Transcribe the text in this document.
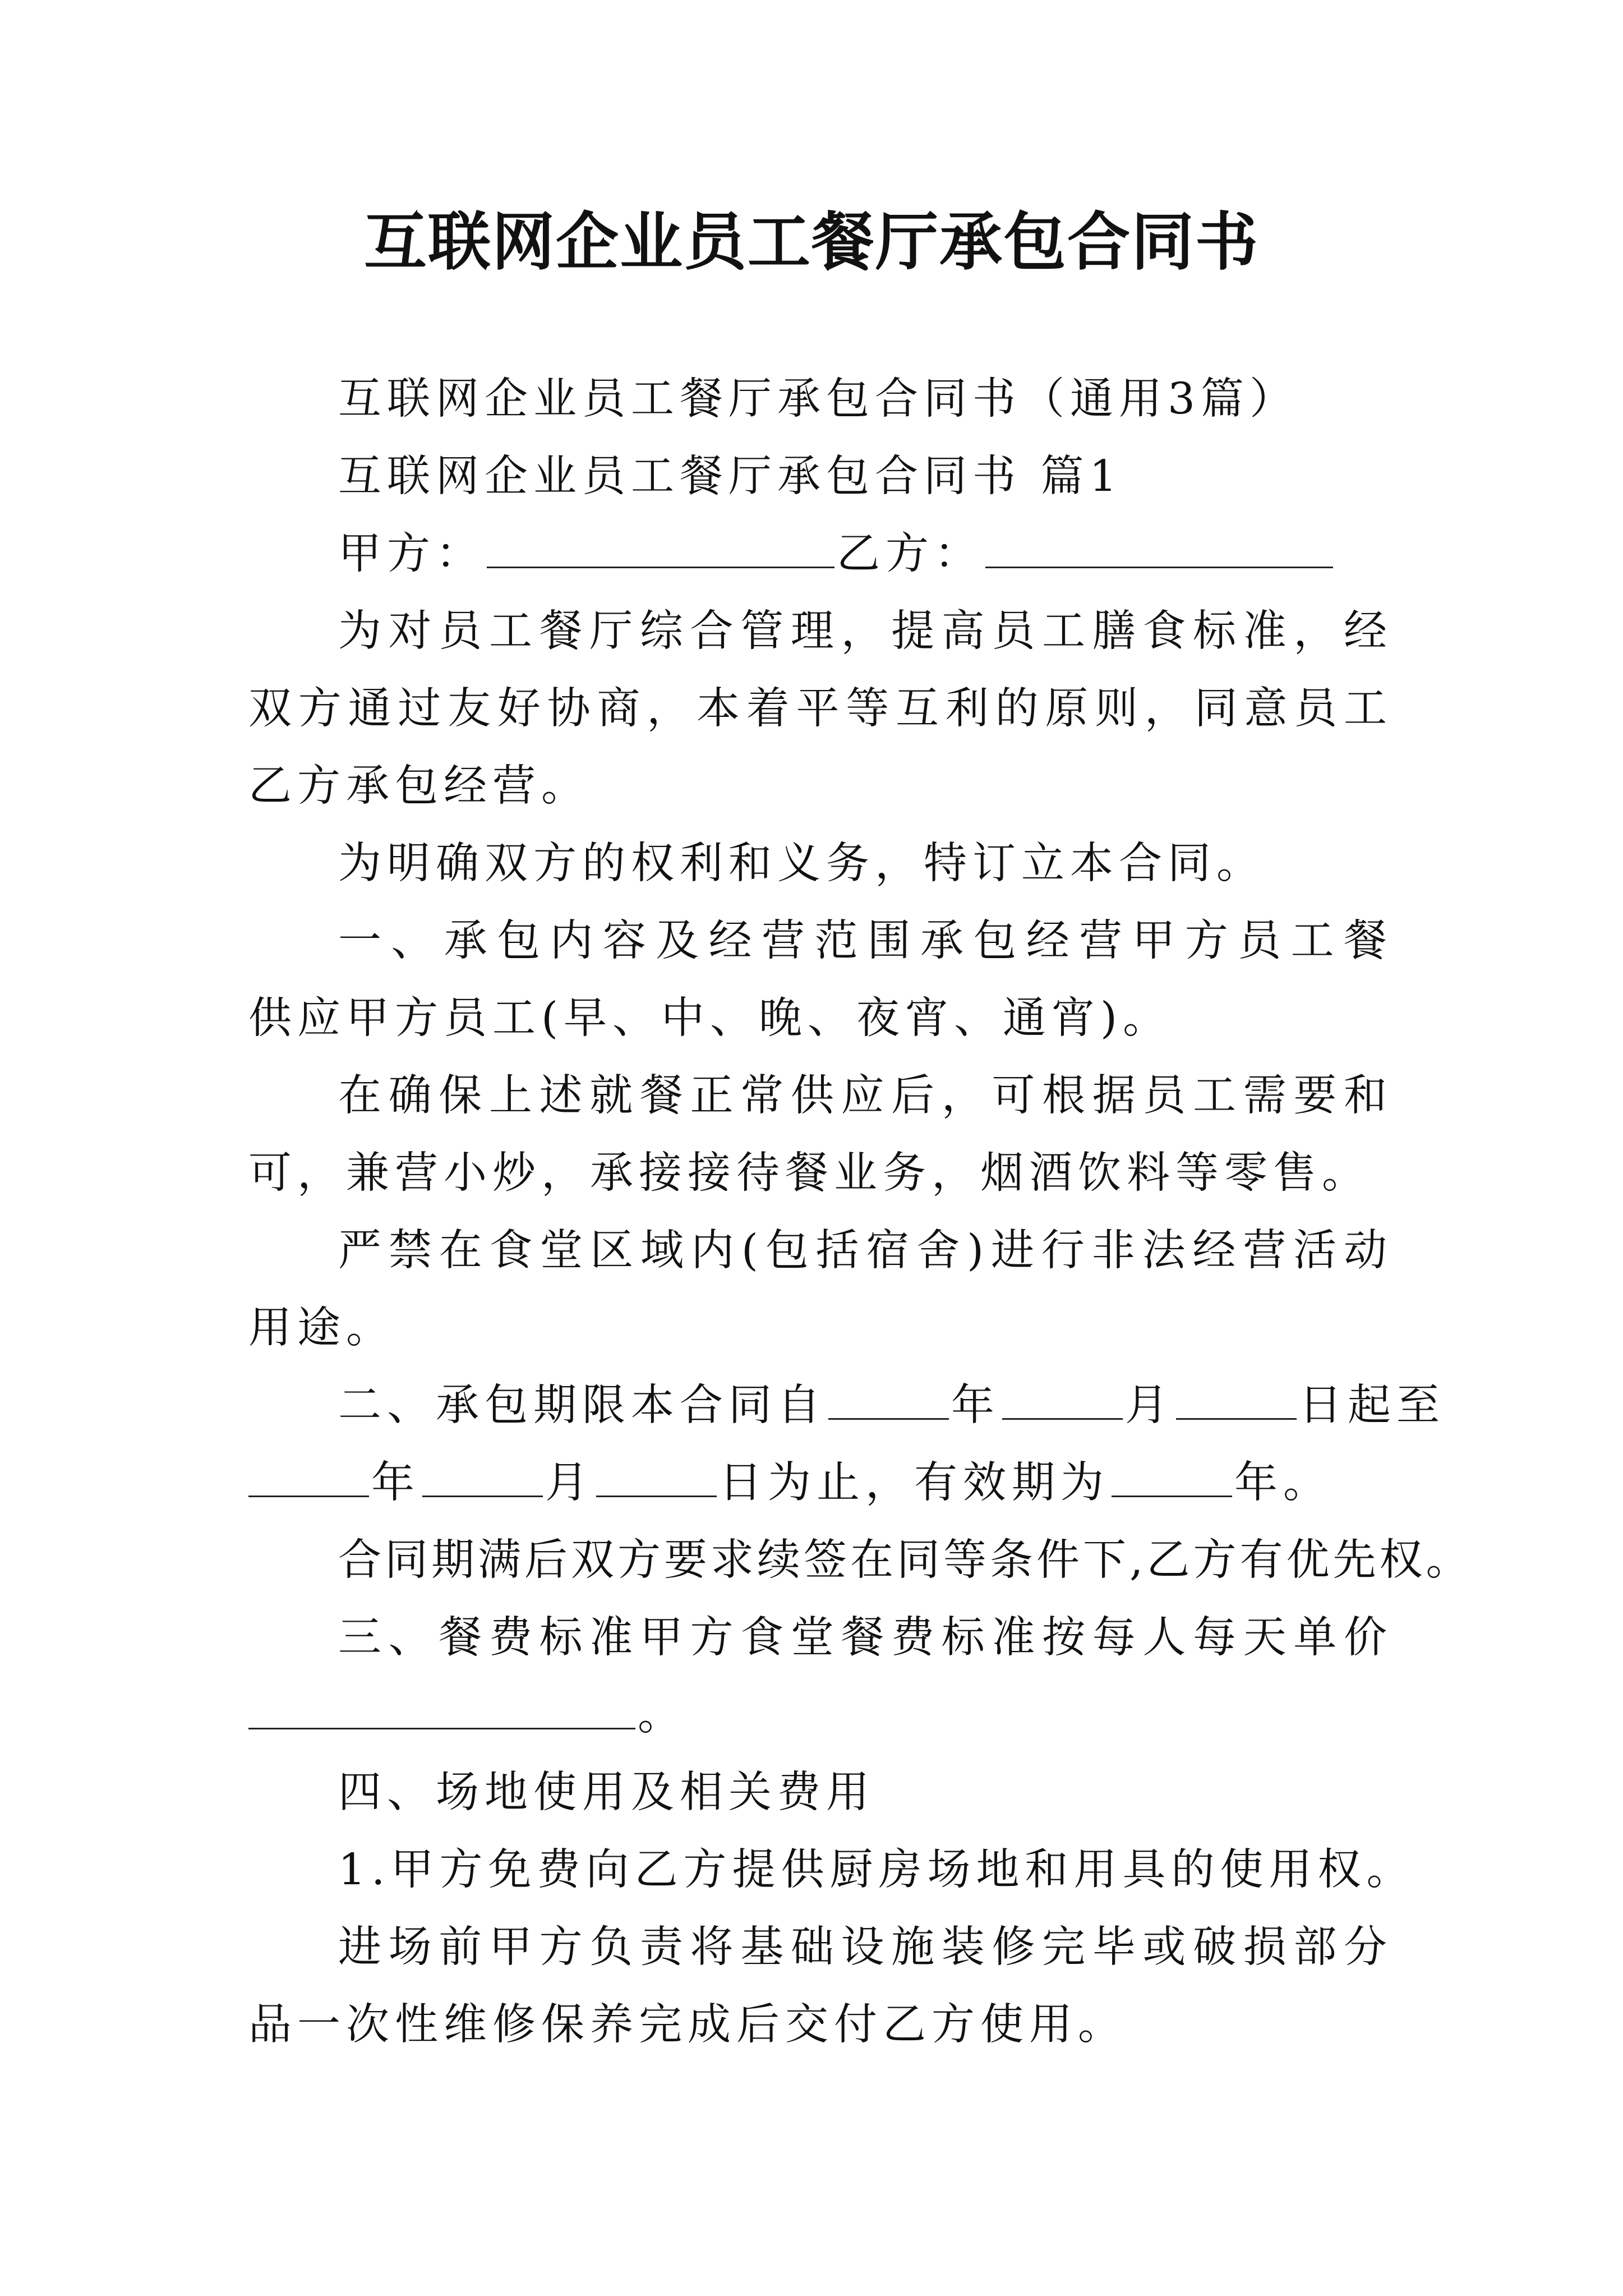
互联网企业员工餐厅承包合同书
互联网企业员工餐厅承包合同书（通用3篇）
互联网企业员工餐厅承包合同书 篇1
甲方：	乙方：
为对员工餐厅综合管理，提高员工膳食标准，经
双方通过友好协商，本着平等互利的原则，同意员工
乙方承包经营。
为明确双方的权利和义务，特订立本合同。
一、承包内容及经营范围承包经营甲方员工餐
供应甲方员工(早、中、晚、夜宵、通宵)。
在确保上述就餐正常供应后，可根据员工需要和
可，兼营小炒，承接接待餐业务，烟酒饮料等零售。
严禁在食堂区域内(包括宿舍)进行非法经营活动
用途。
二、承包期限本合同自	年	月	日起至
年	月	日为止，有效期为	年。
合同期满后双方要求续签在同等条件下,乙方有优先权。
三、餐费标准甲方食堂餐费标准按每人每天单价
。
四、场地使用及相关费用
1.甲方免费向乙方提供厨房场地和用具的使用权。
进场前甲方负责将基础设施装修完毕或破损部分
品一次性维修保养完成后交付乙方使用。
